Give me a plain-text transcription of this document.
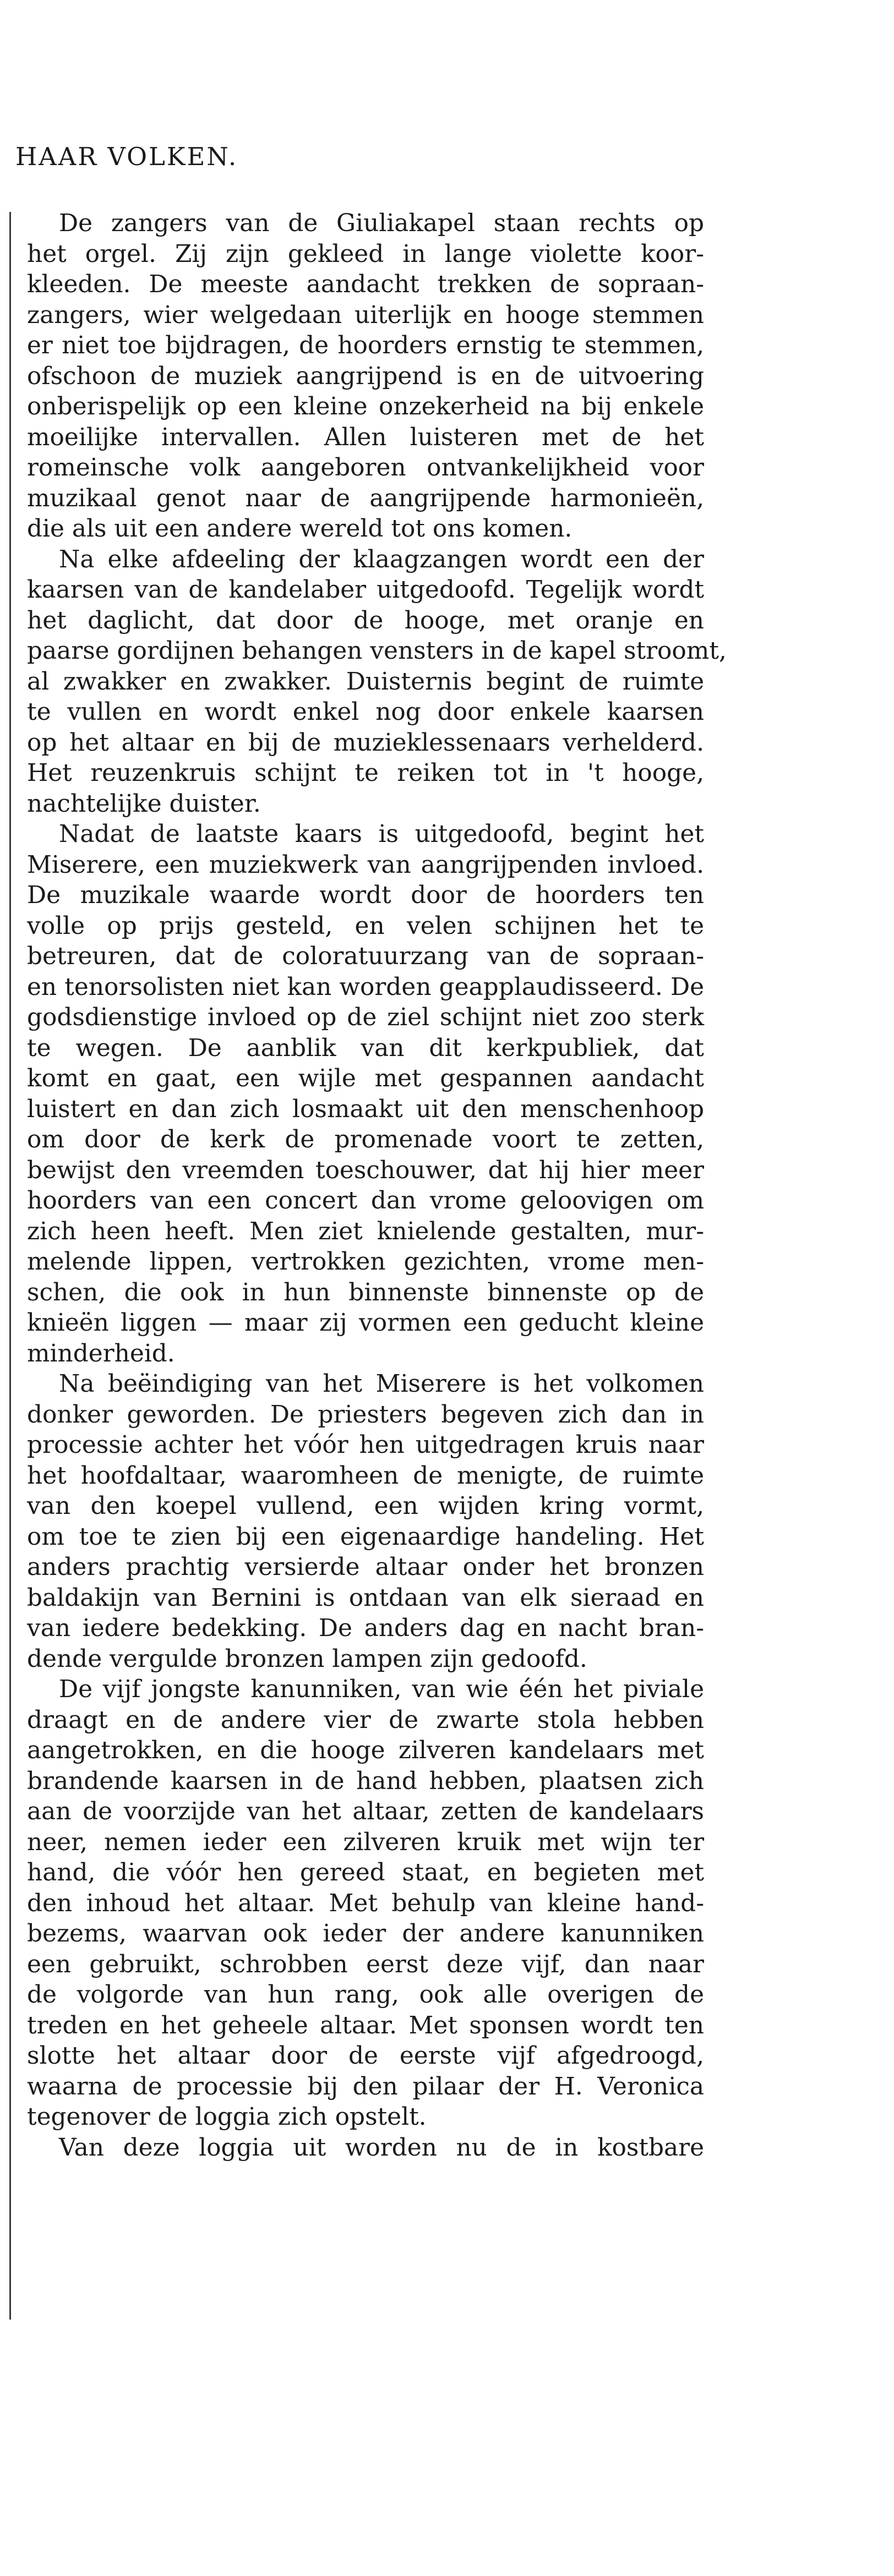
HAAR VOLKEN.

De zangers van de Giuliakapel staan rechts op

het orgel. Zij zijn gekleed in lange violette koor-

kleeden. De meeste aandacht trekken de sopraan-

zangers, wier welgedaan uiterlijk en hooge stemmen

er niet toe bijdragen, de hoorders ernstig te stemmen,

ofschoon de muziek aangrijpend is en de uitvoering

onberispelijk op een kleine onzekerheid na bij enkele

moeilijke intervallen. Allen luisteren met de het

romeinsche volk aangeboren ontvankelijkheid voor

muzikaal genot naar de aangrijpende harmonieën,

die als uit een andere wereld tot ons komen.

Na elke afdeeling der klaagzangen wordt een der

kaarsen van de kandelaber uitgedoofd. Tegelijk wordt

het daglicht, dat door de hooge, met oranje en

paarse gordijnen behangen vensters in de kapel stroomt,

al zwakker en zwakker. Duisternis begint de ruimte

te vullen en wordt enkel nog door enkele kaarsen

op het altaar en bij de muzieklessenaars verhelderd.

Het reuzenkruis schijnt te reiken tot in 't hooge,

nachtelijke duister.

Nadat de laatste kaars is uitgedoofd, begint het

Miserere, een muziekwerk van aangrijpenden invloed.

De muzikale waarde wordt door de hoorders ten

volle op prijs gesteld, en velen schijnen het te

betreuren, dat de coloratuurzang van de sopraan-

en tenorsolisten niet kan worden geapplaudisseerd. De

godsdienstige invloed op de ziel schijnt niet zoo sterk

te wegen. De aanblik van dit kerkpubliek, dat

komt en gaat, een wijle met gespannen aandacht

luistert en dan zich losmaakt uit den menschenhoop

om door de kerk de promenade voort te zetten,

bewijst den vreemden toeschouwer, dat hij hier meer

hoorders van een concert dan vrome geloovigen om

zich heen heeft. Men ziet knielende gestalten, mur-

melende lippen, vertrokken gezichten, vrome men-

schen, die ook in hun binnenste binnenste op de

knieën liggen — maar zij vormen een geducht kleine

minderheid.

Na beëindiging van het Miserere is het volkomen

donker geworden. De priesters begeven zich dan in

processie achter het vóór hen uitgedragen kruis naar

het hoofdaltaar, waaromheen de menigte, de ruimte

van den koepel vullend, een wijden kring vormt,

om toe te zien bij een eigenaardige handeling. Het

anders prachtig versierde altaar onder het bronzen

baldakijn van Bernini is ontdaan van elk sieraad en

van iedere bedekking. De anders dag en nacht bran-

dende vergulde bronzen lampen zijn gedoofd.

De vijf jongste kanunniken, van wie één het piviale

draagt en de andere vier de zwarte stola hebben

aangetrokken, en die hooge zilveren kandelaars met

brandende kaarsen in de hand hebben, plaatsen zich

aan de voorzijde van het altaar, zetten de kandelaars

neer, nemen ieder een zilveren kruik met wijn ter

hand, die vóór hen gereed staat, en begieten met

den inhoud het altaar. Met behulp van kleine hand-

bezems, waarvan ook ieder der andere kanunniken

een gebruikt, schrobben eerst deze vijf, dan naar

de volgorde van hun rang, ook alle overigen de

treden en het geheele altaar. Met sponsen wordt ten

slotte het altaar door de eerste vijf afgedroogd,

waarna de processie bij den pilaar der H. Veronica

tegenover de loggia zich opstelt.

Van deze loggia uit worden nu de in kostbare
